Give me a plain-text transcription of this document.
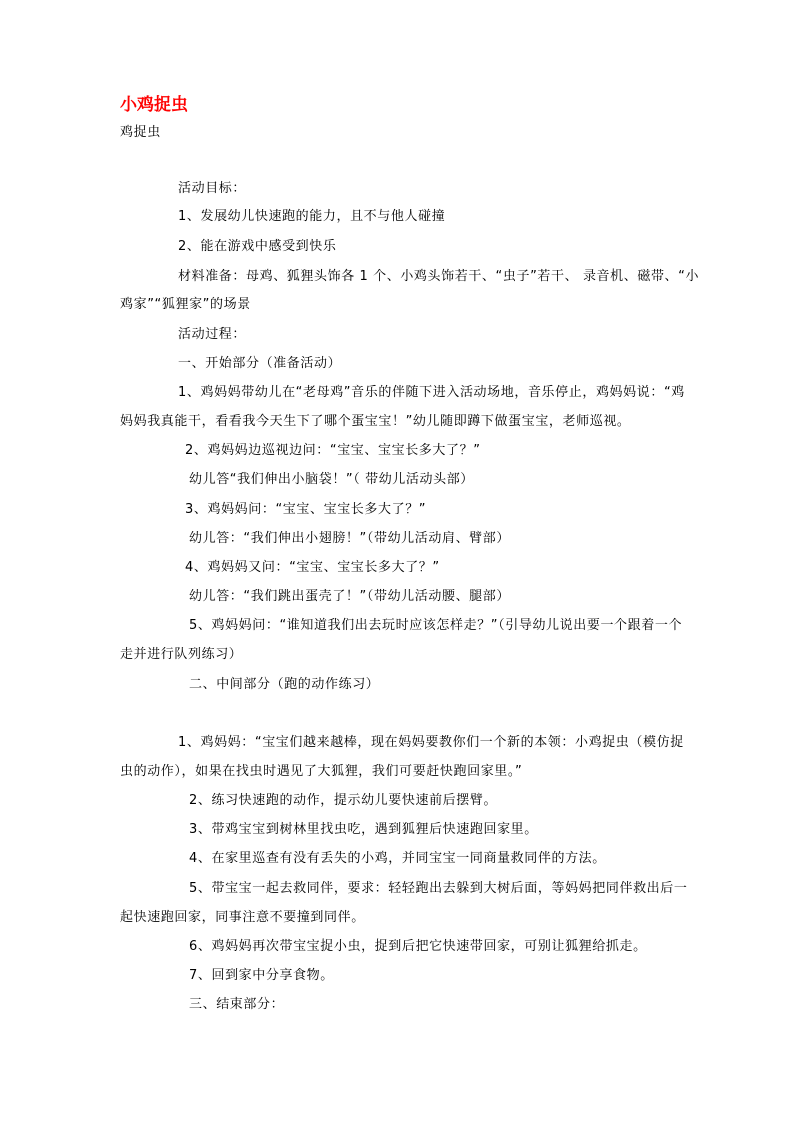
小鸡捉虫
鸡捉虫
活动目标：
1、发展幼儿快速跑的能力，且不与他人碰撞
2、能在游戏中感受到快乐
材料准备：母鸡、狐狸头饰各 1 个、小鸡头饰若干、“虫子”若干、 录音机、磁带、“小
鸡家”“狐狸家”的场景
活动过程：
一、开始部分（准备活动）
1、鸡妈妈带幼儿在“老母鸡”音乐的伴随下进入活动场地，音乐停止，鸡妈妈说：“鸡
妈妈我真能干，看看我今天生下了哪个蛋宝宝！”幼儿随即蹲下做蛋宝宝，老师巡视。
2、鸡妈妈边巡视边问：“宝宝、宝宝长多大了？”
幼儿答“我们伸出小脑袋！”（ 带幼儿活动头部）
3、鸡妈妈问：“宝宝、宝宝长多大了？”
幼儿答：“我们伸出小翅膀！”（带幼儿活动肩、臂部）
4、鸡妈妈又问：“宝宝、宝宝长多大了？”
幼儿答：“我们跳出蛋壳了！”（带幼儿活动腰、腿部）
5、鸡妈妈问：“谁知道我们出去玩时应该怎样走？”（引导幼儿说出要一个跟着一个
走并进行队列练习）
二、中间部分（跑的动作练习）
1、鸡妈妈：“宝宝们越来越棒，现在妈妈要教你们一个新的本领：小鸡捉虫（模仿捉
虫的动作），如果在找虫时遇见了大狐狸，我们可要赶快跑回家里。”
2、练习快速跑的动作，提示幼儿要快速前后摆臂。
3、带鸡宝宝到树林里找虫吃，遇到狐狸后快速跑回家里。
4、在家里巡查有没有丢失的小鸡，并同宝宝一同商量救同伴的方法。
5、带宝宝一起去救同伴，要求：轻轻跑出去躲到大树后面，等妈妈把同伴救出后一
起快速跑回家，同事注意不要撞到同伴。
6、鸡妈妈再次带宝宝捉小虫，捉到后把它快速带回家，可别让狐狸给抓走。
7、回到家中分享食物。
三、结束部分：
